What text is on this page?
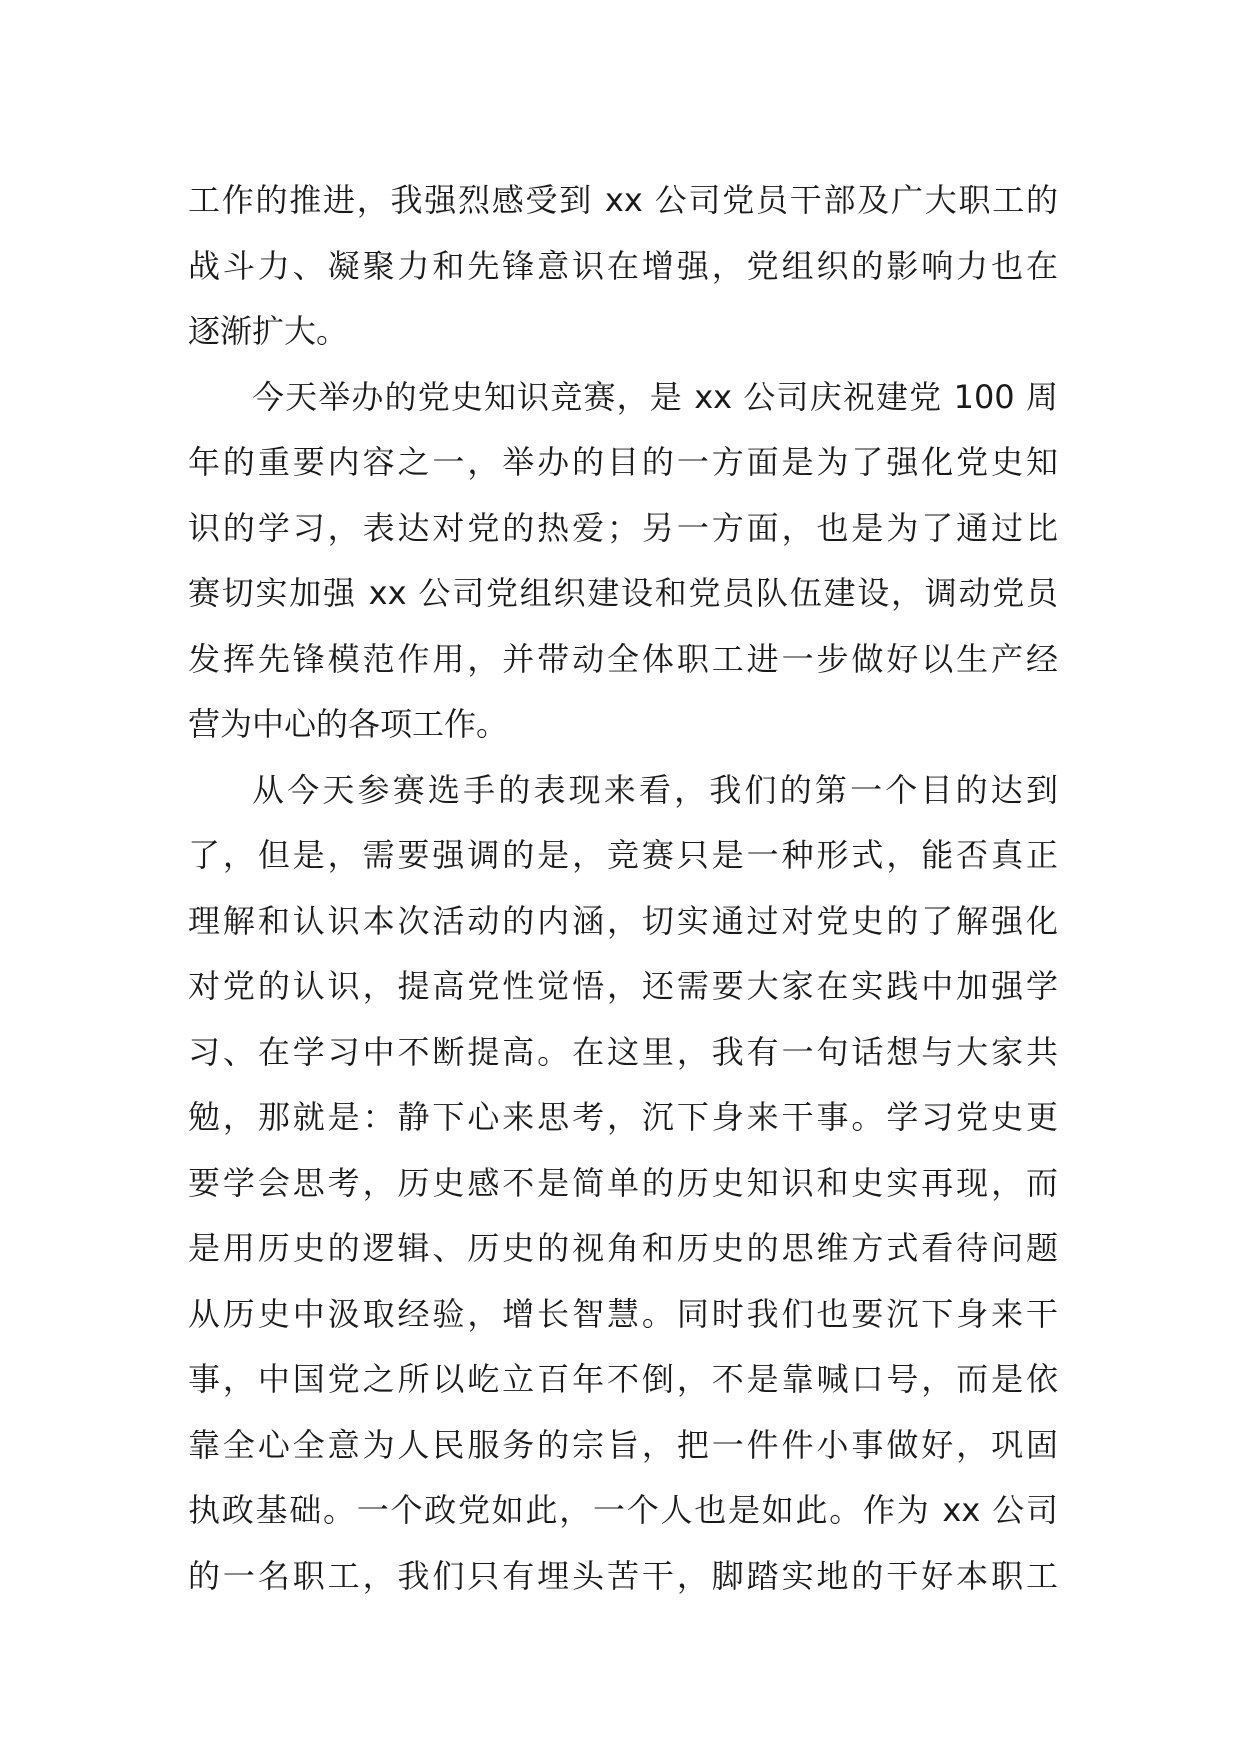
工作的推进，我强烈感受到 xx 公司党员干部及广大职工的
战斗力、凝聚力和先锋意识在增强，党组织的影响力也在
逐渐扩大。
今天举办的党史知识竞赛，是 xx 公司庆祝建党 100 周
年的重要内容之一，举办的目的一方面是为了强化党史知
识的学习，表达对党的热爱；另一方面，也是为了通过比
赛切实加强 xx 公司党组织建设和党员队伍建设，调动党员
发挥先锋模范作用，并带动全体职工进一步做好以生产经
营为中心的各项工作。
从今天参赛选手的表现来看，我们的第一个目的达到
了，但是，需要强调的是，竞赛只是一种形式，能否真正
理解和认识本次活动的内涵，切实通过对党史的了解强化
对党的认识，提高党性觉悟，还需要大家在实践中加强学
习、在学习中不断提高。在这里，我有一句话想与大家共
勉，那就是：静下心来思考，沉下身来干事。学习党史更
要学会思考，历史感不是简单的历史知识和史实再现，而
是用历史的逻辑、历史的视角和历史的思维方式看待问题
从历史中汲取经验，增长智慧。同时我们也要沉下身来干
事，中国党之所以屹立百年不倒，不是靠喊口号，而是依
靠全心全意为人民服务的宗旨，把一件件小事做好，巩固
执政基础。一个政党如此，一个人也是如此。作为 xx 公司
的一名职工，我们只有埋头苦干，脚踏实地的干好本职工
